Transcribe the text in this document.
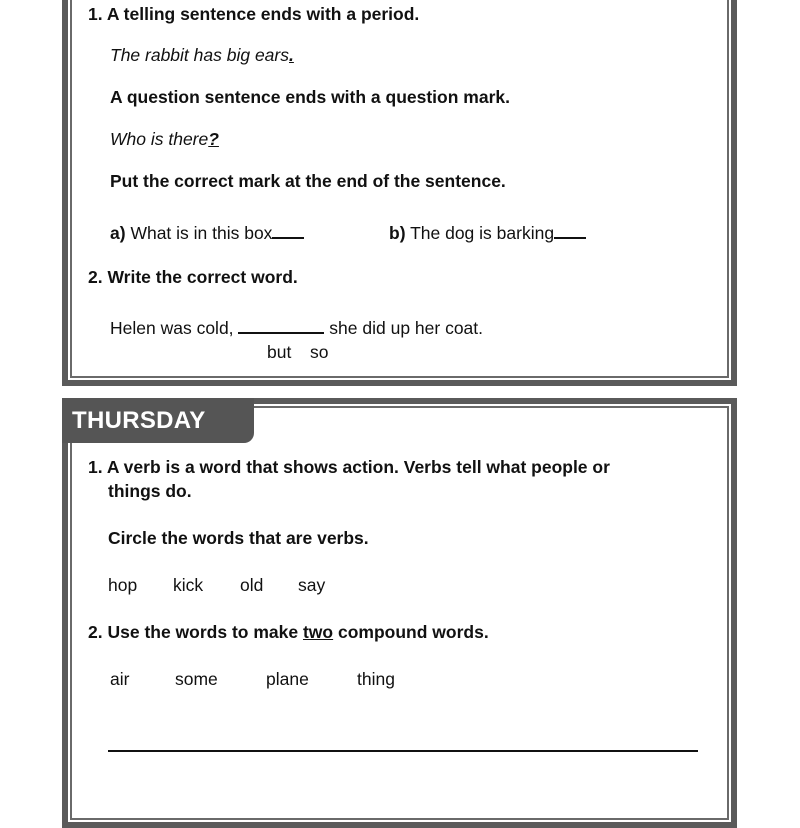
THURSDAY
1. A telling sentence ends with a period.
The rabbit has big ears.
A question sentence ends with a question mark.
Who is there?
Put the correct mark at the end of the sentence.
a) What is in this box	b) The dog is barking
2. Write the correct word.
Helen was cold,	she did up her coat.
but so
1. A verb is a word that shows action. Verbs tell what people or
things do.
Circle the words that are verbs.
hop kick old say
2. Use the words to make two compound words.
air	some	plane	thing
